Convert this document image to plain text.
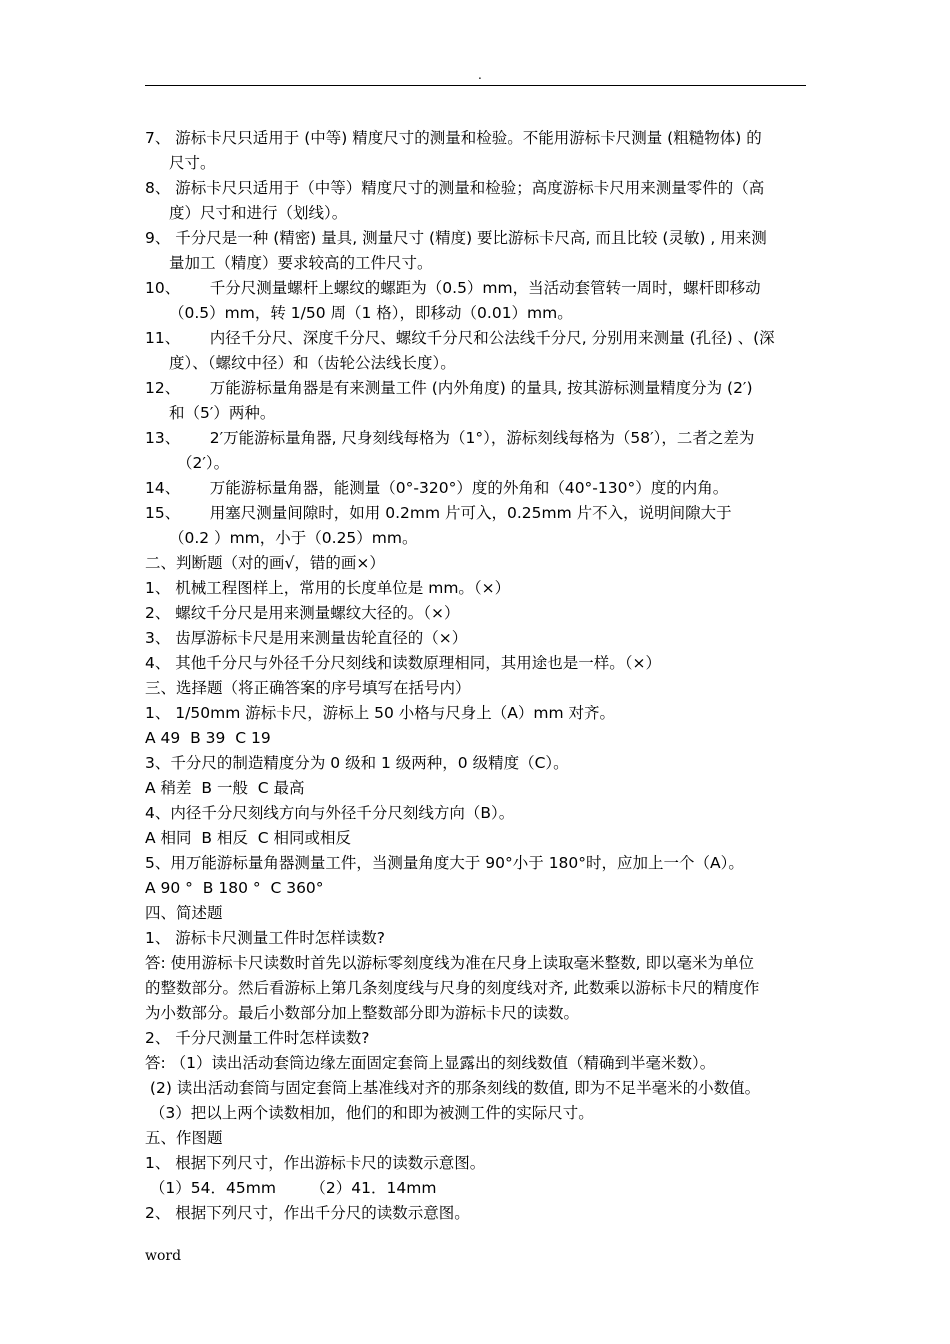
.
7、 游标卡尺只适用于 (中等) 精度尺寸的测量和检验。不能用游标卡尺测量 (粗糙物体) 的
尺寸。
8、 游标卡尺只适用于（中等）精度尺寸的测量和检验；高度游标卡尺用来测量零件的（高
度）尺寸和进行（划线）。
9、 千分尺是一种 (精密) 量具, 测量尺寸 (精度) 要比游标卡尺高, 而且比较 (灵敏) , 用来测
量加工（精度）要求较高的工件尺寸。
10、      千分尺测量螺杆上螺纹的螺距为（0.5）mm，当活动套管转一周时，螺杆即移动
（0.5）mm，转 1/50 周（1 格），即移动（0.01）mm。
11、      内径千分尺、深度千分尺、螺纹千分尺和公法线千分尺, 分别用来测量 (孔径) 、(深
度）、（螺纹中径）和（齿轮公法线长度）。
12、      万能游标量角器是有来测量工件 (内外角度) 的量具, 按其游标测量精度分为 (2′)
和（5′）两种。
13、      2′万能游标量角器, 尺身刻线每格为（1°），游标刻线每格为（58′），二者之差为
（2′）。
14、      万能游标量角器，能测量（0°-320°）度的外角和（40°-130°）度的内角。
15、      用塞尺测量间隙时，如用 0.2mm 片可入，0.25mm 片不入，说明间隙大于
（0.2 ）mm，小于（0.25）mm。
二、判断题（对的画√，错的画×）
1、 机械工程图样上，常用的长度单位是 mm。（×）
2、 螺纹千分尺是用来测量螺纹大径的。（×）
3、 齿厚游标卡尺是用来测量齿轮直径的（×）
4、 其他千分尺与外径千分尺刻线和读数原理相同，其用途也是一样。（×）
三、选择题（将正确答案的序号填写在括号内）
1、 1/50mm 游标卡尺，游标上 50 小格与尺身上（A）mm 对齐。
A 49  B 39  C 19
3、千分尺的制造精度分为 0 级和 1 级两种，0 级精度（C）。
A 稍差  B 一般  C 最高
4、内径千分尺刻线方向与外径千分尺刻线方向（B）。
A 相同  B 相反  C 相同或相反
5、用万能游标量角器测量工件，当测量角度大于 90°小于 180°时，应加上一个（A）。
A 90 °  B 180 °  C 360°
四、简述题
1、 游标卡尺测量工件时怎样读数?
答: 使用游标卡尺读数时首先以游标零刻度线为准在尺身上读取毫米整数, 即以毫米为单位
的整数部分。然后看游标上第几条刻度线与尺身的刻度线对齐, 此数乘以游标卡尺的精度作
为小数部分。最后小数部分加上整数部分即为游标卡尺的读数。
2、 千分尺测量工件时怎样读数?
答: （1）读出活动套筒边缘左面固定套筒上显露出的刻线数值（精确到半毫米数）。
(2) 读出活动套筒与固定套筒上基准线对齐的那条刻线的数值, 即为不足半毫米的小数值。
（3）把以上两个读数相加，他们的和即为被测工件的实际尺寸。
五、作图题
1、 根据下列尺寸，作出游标卡尺的读数示意图。
（1）54．45mm       （2）41．14mm
2、 根据下列尺寸，作出千分尺的读数示意图。
word
